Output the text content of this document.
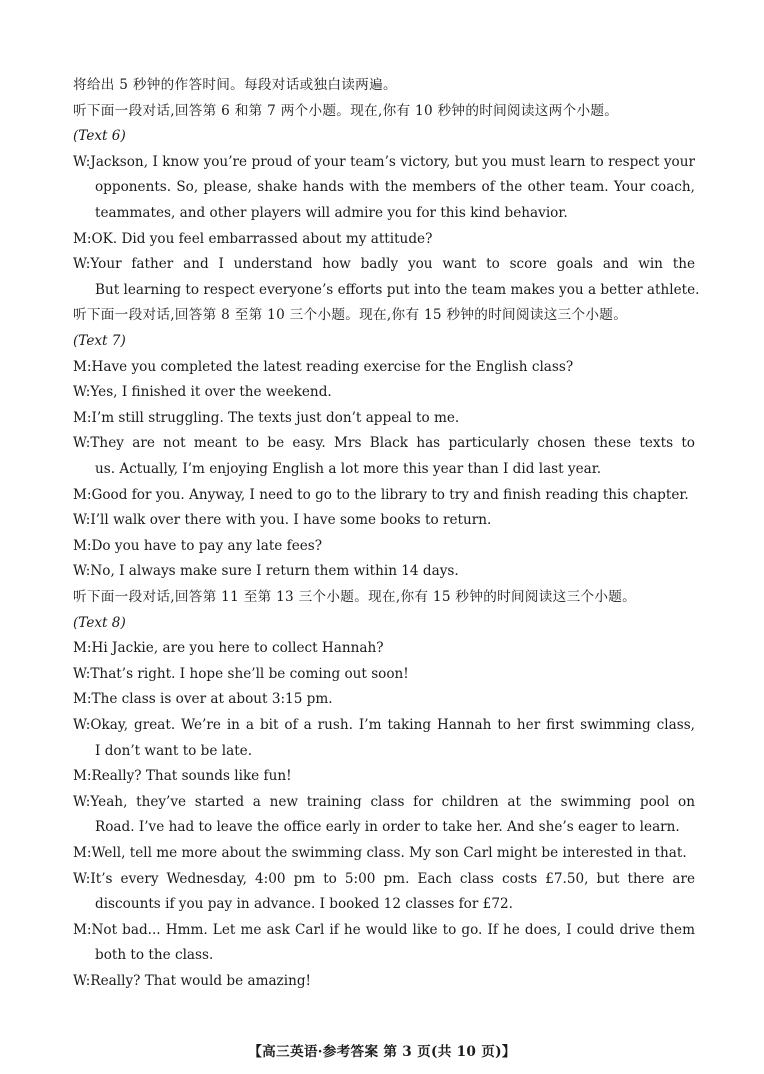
将给出 5 秒钟的作答时间。每段对话或独白读两遍。
听下面一段对话,回答第 6 和第 7 两个小题。现在,你有 10 秒钟的时间阅读这两个小题。
(Text 6)
W:Jackson, I know you’re proud of your team’s victory, but you must learn to respect your
opponents. So, please, shake hands with the members of the other team. Your coach,
teammates, and other players will admire you for this kind behavior.
M:OK. Did you feel embarrassed about my attitude?
W:Your father and I understand how badly you want to score goals and win the
But learning to respect everyone’s efforts put into the team makes you a better athlete.
听下面一段对话,回答第 8 至第 10 三个小题。现在,你有 15 秒钟的时间阅读这三个小题。
(Text 7)
M:Have you completed the latest reading exercise for the English class?
W:Yes, I finished it over the weekend.
M:I’m still struggling. The texts just don’t appeal to me.
W:They are not meant to be easy. Mrs Black has particularly chosen these texts to
us. Actually, I’m enjoying English a lot more this year than I did last year.
M:Good for you. Anyway, I need to go to the library to try and finish reading this chapter.
W:I’ll walk over there with you. I have some books to return.
M:Do you have to pay any late fees?
W:No, I always make sure I return them within 14 days.
听下面一段对话,回答第 11 至第 13 三个小题。现在,你有 15 秒钟的时间阅读这三个小题。
(Text 8)
M:Hi Jackie, are you here to collect Hannah?
W:That’s right. I hope she’ll be coming out soon!
M:The class is over at about 3:15 pm.
W:Okay, great. We’re in a bit of a rush. I’m taking Hannah to her first swimming class,
I don’t want to be late.
M:Really? That sounds like fun!
W:Yeah, they’ve started a new training class for children at the swimming pool on
Road. I’ve had to leave the office early in order to take her. And she’s eager to learn.
M:Well, tell me more about the swimming class. My son Carl might be interested in that.
W:It’s every Wednesday, 4:00 pm to 5:00 pm. Each class costs £7.50, but there are
discounts if you pay in advance. I booked 12 classes for £72.
M:Not bad... Hmm. Let me ask Carl if he would like to go. If he does, I could drive them
both to the class.
W:Really? That would be amazing!
【高三英语·参考答案 第 3 页(共 10 页)】
